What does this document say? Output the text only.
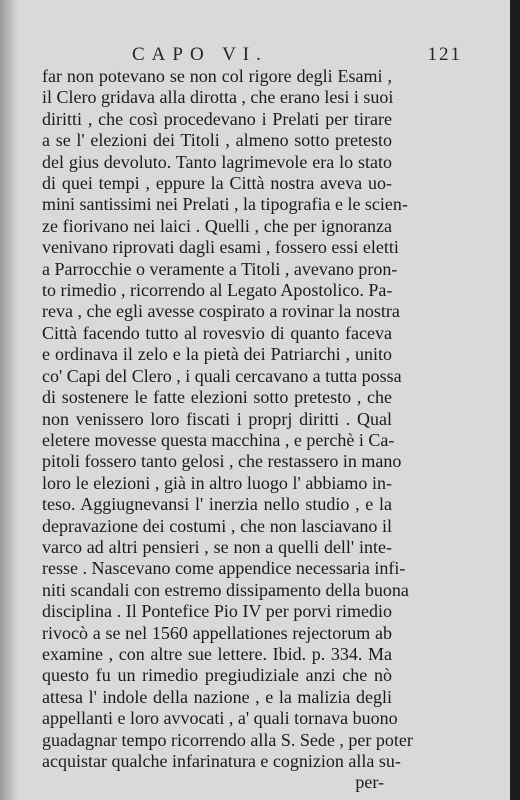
CAPO VI.	121
far non potevano se non col rigore degli Esami ,
il Clero gridava alla dirotta , che erano lesi i suoi
diritti , che così procedevano i Prelati per tirare
a se l' elezioni dei Titoli , almeno sotto pretesto
del gius devoluto. Tanto lagrimevole era lo stato
di quei tempi , eppure la Città nostra aveva uo-
mini santissimi nei Prelati , la tipografia e le scien-
ze fiorivano nei laici . Quelli , che per ignoranza
venivano riprovati dagli esami , fossero essi eletti
a Parrocchie o veramente a Titoli , avevano pron-
to rimedio , ricorrendo al Legato Apostolico. Pa-
reva , che egli avesse cospirato a rovinar la nostra
Città facendo tutto al rovesvio di quanto faceva
e ordinava il zelo e la pietà dei Patriarchi , unito
co' Capi del Clero , i quali cercavano a tutta possa
di sostenere le fatte elezioni sotto pretesto , che
non venissero loro fiscati i proprj diritti . Qual
eletere movesse questa macchina , e perchè i Ca-
pitoli fossero tanto gelosi , che restassero in mano
loro le elezioni , già in altro luogo l' abbiamo in-
teso. Aggiugnevansi l' inerzia nello studio , e la
depravazione dei costumi , che non lasciavano il
varco ad altri pensieri , se non a quelli dell' inte-
resse . Nascevano come appendice necessaria infi-
niti scandali con estremo dissipamento della buona
disciplina . Il Pontefice Pio IV per porvi rimedio
rivocò a se nel 1560 appellationes rejectorum ab
examine , con altre sue lettere. Ibid. p. 334. Ma
questo fu un rimedio pregiudiziale anzi che nò
attesa l' indole della nazione , e la malizia degli
appellanti e loro avvocati , a' quali tornava buono
guadagnar tempo ricorrendo alla S. Sede , per poter
acquistar qualche infarinatura e cognizion alla su-
per-
